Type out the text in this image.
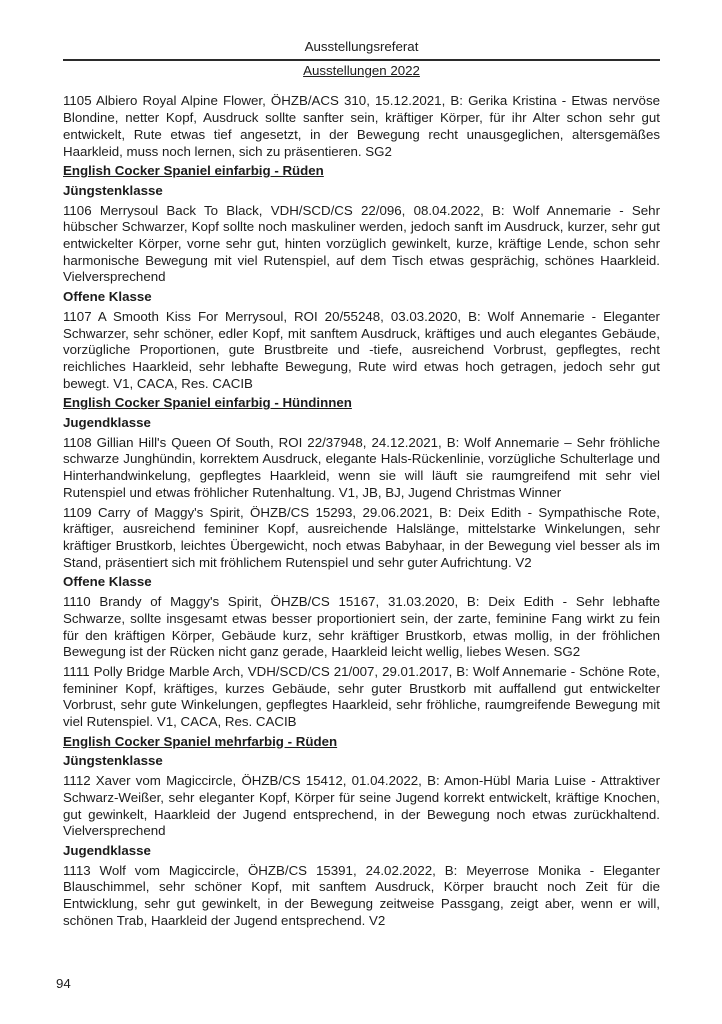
Ausstellungsreferat
Ausstellungen 2022

1105 Albiero Royal Alpine Flower, ÖHZB/ACS 310, 15.12.2021, B: Gerika Kristina - Etwas nervöse Blondine, netter Kopf, Ausdruck sollte sanfter sein, kräftiger Körper, für ihr Alter schon sehr gut entwickelt, Rute etwas tief angesetzt, in der Bewegung recht unausgeglichen, altersgemäßes Haarkleid, muss noch lernen, sich zu präsentieren. SG2

English Cocker Spaniel einfarbig - Rüden
Jüngstenklasse

1106 Merrysoul Back To Black, VDH/SCD/CS 22/096, 08.04.2022, B: Wolf Annemarie - Sehr hübscher Schwarzer, Kopf sollte noch maskuliner werden, jedoch sanft im Ausdruck, kurzer, sehr gut entwickelter Körper, vorne sehr gut, hinten vorzüglich gewinkelt, kurze, kräftige Lende, schon sehr harmonische Bewegung mit viel Rutenspiel, auf dem Tisch etwas gesprächig, schönes Haarkleid. Vielversprechend

Offene Klasse

1107 A Smooth Kiss For Merrysoul, ROI 20/55248, 03.03.2020, B: Wolf Annemarie - Eleganter Schwarzer, sehr schöner, edler Kopf, mit sanftem Ausdruck, kräftiges und auch elegantes Gebäude, vorzügliche Proportionen, gute Brustbreite und -tiefe, ausreichend Vorbrust, gepflegtes, recht reichliches Haarkleid, sehr lebhafte Bewegung, Rute wird etwas hoch getragen, jedoch sehr gut bewegt. V1, CACA, Res. CACIB

English Cocker Spaniel einfarbig - Hündinnen
Jugendklasse

1108 Gillian Hill's Queen Of South, ROI 22/37948, 24.12.2021, B: Wolf Annemarie – Sehr fröhliche schwarze Junghündin, korrektem Ausdruck, elegante Hals-Rückenlinie, vorzügliche Schulterlage und Hinterhandwinkelung, gepflegtes Haarkleid, wenn sie will läuft sie raumgreifend mit sehr viel Rutenspiel und etwas fröhlicher Rutenhaltung. V1, JB, BJ, Jugend Christmas Winner

1109 Carry of Maggy's Spirit, ÖHZB/CS 15293, 29.06.2021, B: Deix Edith - Sympathische Rote, kräftiger, ausreichend femininer Kopf, ausreichende Halslänge, mittelstarke Winkelungen, sehr kräftiger Brustkorb, leichtes Übergewicht, noch etwas Babyhaar, in der Bewegung viel besser als im Stand, präsentiert sich mit fröhlichem Rutenspiel und sehr guter Aufrichtung. V2

Offene Klasse

1110 Brandy of Maggy's Spirit, ÖHZB/CS 15167, 31.03.2020, B: Deix Edith - Sehr lebhafte Schwarze, sollte insgesamt etwas besser proportioniert sein, der zarte, feminine Fang wirkt zu fein für den kräftigen Körper, Gebäude kurz, sehr kräftiger Brustkorb, etwas mollig, in der fröhlichen Bewegung ist der Rücken nicht ganz gerade, Haarkleid leicht wellig, liebes Wesen. SG2

1111 Polly Bridge Marble Arch, VDH/SCD/CS 21/007, 29.01.2017, B: Wolf Annemarie - Schöne Rote, femininer Kopf, kräftiges, kurzes Gebäude, sehr guter Brustkorb mit auffallend gut entwickelter Vorbrust, sehr gute Winkelungen, gepflegtes Haarkleid, sehr fröhliche, raumgreifende Bewegung mit viel Rutenspiel. V1, CACA, Res. CACIB

English Cocker Spaniel mehrfarbig - Rüden
Jüngstenklasse

1112 Xaver vom Magiccircle, ÖHZB/CS 15412, 01.04.2022, B: Amon-Hübl Maria Luise - Attraktiver Schwarz-Weißer, sehr eleganter Kopf, Körper für seine Jugend korrekt entwickelt, kräftige Knochen, gut gewinkelt, Haarkleid der Jugend entsprechend, in der Bewegung noch etwas zurückhaltend. Vielversprechend

Jugendklasse

1113 Wolf vom Magiccircle, ÖHZB/CS 15391, 24.02.2022, B: Meyerrose Monika - Eleganter Blauschimmel, sehr schöner Kopf, mit sanftem Ausdruck, Körper braucht noch Zeit für die Entwicklung, sehr gut gewinkelt, in der Bewegung zeitweise Passgang, zeigt aber, wenn er will, schönen Trab, Haarkleid der Jugend entsprechend. V2

94
